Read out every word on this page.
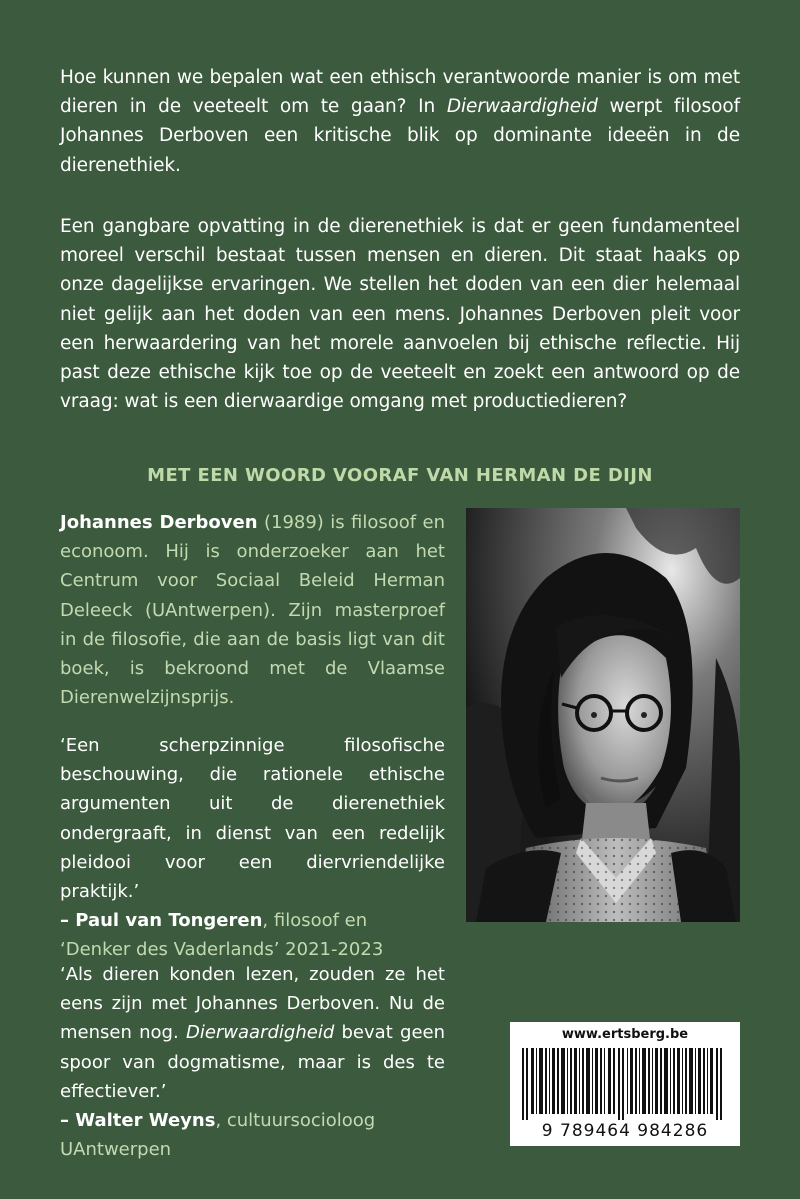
Hoe kunnen we bepalen wat een ethisch verantwoorde manier is om met dieren in de veeteelt om te gaan? In Dierwaardigheid werpt filosoof Johannes Derboven een kritische blik op dominante ideeën in de dierenethiek.

Een gangbare opvatting in de dierenethiek is dat er geen fundamenteel moreel verschil bestaat tussen mensen en dieren. Dit staat haaks op onze dagelijkse ervaringen. We stellen het doden van een dier helemaal niet gelijk aan het doden van een mens. Johannes Derboven pleit voor een herwaardering van het morele aanvoelen bij ethische reflectie. Hij past deze ethische kijk toe op de veeteelt en zoekt een antwoord op de vraag: wat is een dierwaardige omgang met productiedieren?

MET EEN WOORD VOORAF VAN HERMAN DE DIJN

Johannes Derboven (1989) is filosoof en econoom. Hij is onderzoeker aan het Centrum voor Sociaal Beleid Herman Deleeck (UAntwerpen). Zijn masterproef in de filosofie, die aan de basis ligt van dit boek, is bekroond met de Vlaamse Dierenwelzijnsprijs.

‘Een scherpzinnige filosofische beschouwing, die rationele ethische argumenten uit de dierenethiek ondergraaft, in dienst van een redelijk pleidooi voor een diervriendelijke praktijk.’
– Paul van Tongeren, filosoof en
‘Denker des Vaderlands’ 2021-2023
‘Als dieren konden lezen, zouden ze het eens zijn met Johannes Derboven. Nu de mensen nog. Dierwaardigheid bevat geen spoor van dogmatisme, maar is des te effectiever.’
– Walter Weyns, cultuursocioloog
UAntwerpen
www.ertsberg.be
9 789464 984286
